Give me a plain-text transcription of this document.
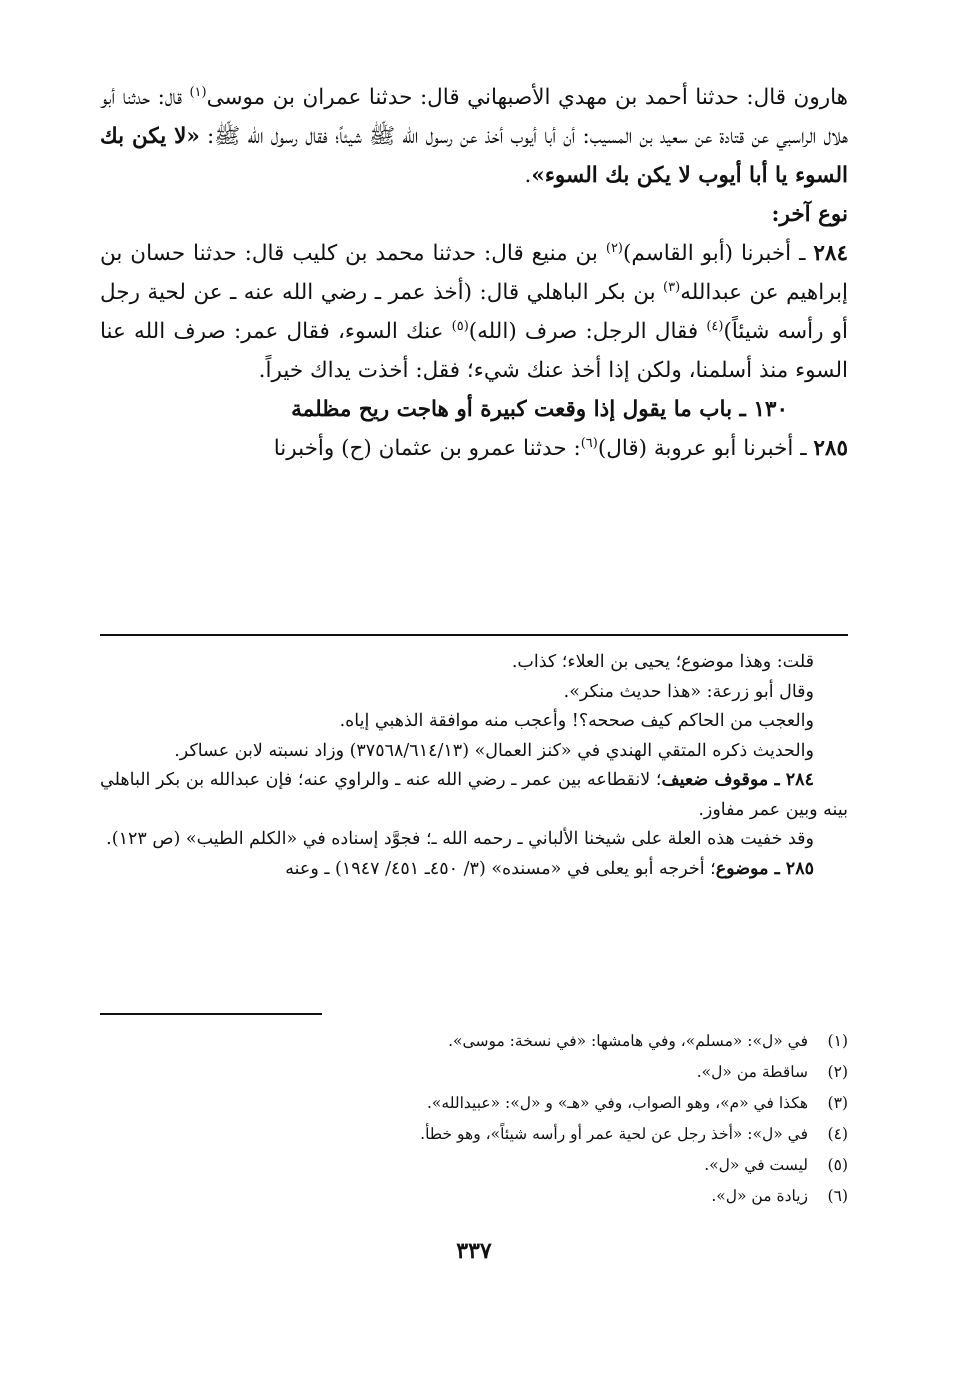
هارون قال: حدثنا أحمد بن مهدي الأصبهاني قال: حدثنا عمران بن موسى$^{(١)}$ قال: حدثنا أبو هلال الراسبي عن قتادة عن سعيد بن المسيب: أن أبا أيوب أخذ عن رسول الله ﷺ شيئاً؛ فقال رسول الله ﷺ: «لا يكن بك السوء يا أبا أيوب لا يكن بك السوء».

نوع آخر:

٢٨٤ ـ أخبرنا (أبو القاسم)$^{(٢)}$ بن منيع قال: حدثنا محمد بن كليب قال: حدثنا حسان بن إبراهيم عن عبدالله$^{(٣)}$ بن بكر الباهلي قال: (أخذ عمر ـ رضي الله عنه ـ عن لحية رجل أو رأسه شيئاً)$^{(٤)}$ فقال الرجل: صرف (الله)$^{(٥)}$ عنك السوء، فقال عمر: صرف الله عنا السوء منذ أسلمنا، ولكن إذا أخذ عنك شيء؛ فقل: أخذت يداك خيراً.

١٣٠ ـ باب ما يقول إذا وقعت كبيرة أو هاجت ريح مظلمة

٢٨٥ ـ أخبرنا أبو عروبة (قال)$^{(٦)}$: حدثنا عمرو بن عثمان (ح) وأخبرنا

قلت: وهذا موضوع؛ يحيى بن العلاء؛ كذاب.

وقال أبو زرعة: «هذا حديث منكر».

والعجب من الحاكم كيف صححه؟! وأعجب منه موافقة الذهبي إياه.

والحديث ذكره المتقي الهندي في «كنز العمال» (٣٧٥٦٨/٦١٤/١٣) وزاد نسبته لابن عساكر.

٢٨٤ ـ موقوف ضعيف؛ لانقطاعه بين عمر ـ رضي الله عنه ـ والراوي عنه؛ فإن عبدالله بن بكر الباهلي بينه وبين عمر مفاوز.

وقد خفيت هذه العلة على شيخنا الألباني ـ رحمه الله ـ؛ فجوَّد إسناده في «الكلم الطيب» (ص ١٢٣).

٢٨٥ ـ موضوع؛ أخرجه أبو يعلى في «مسنده» (٣/ ٤٥٠ـ ٤٥١/ ١٩٤٧) ـ وعنه

(١)
في «ل»: «مسلم»، وفي هامشها: «في نسخة: موسى».
(٢)
ساقطة من «ل».
(٣)
هكذا في «م»، وهو الصواب، وفي «هـ» و «ل»: «عبيدالله».
(٤)
في «ل»: «أخذ رجل عن لحية عمر أو رأسه شيئاً»، وهو خطأ.
(٥)
ليست في «ل».
(٦)
زيادة من «ل».
٣٣٧
